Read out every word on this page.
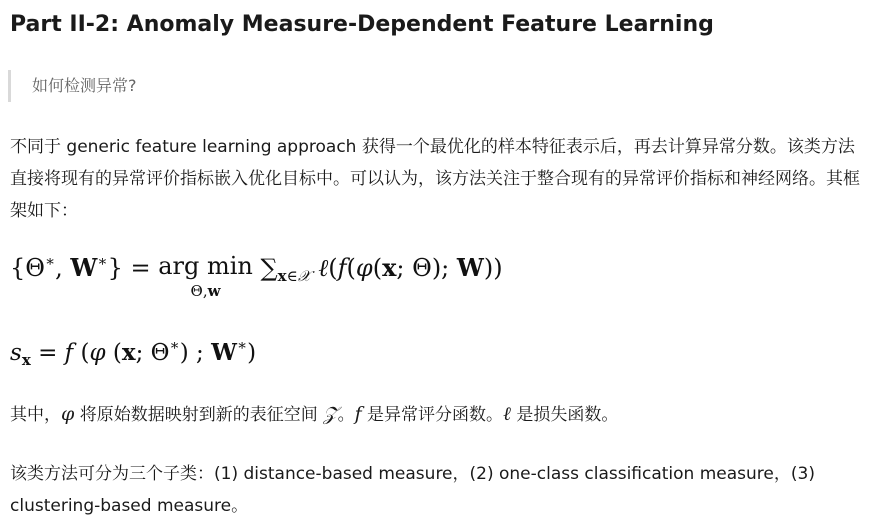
Part II-2: Anomaly Measure-Dependent Feature Learning
如何检测异常?

不同于 generic feature learning approach 获得一个最优化的样本特征表示后，再去计算异常分数。该类方法直接将现有的异常评价指标嵌入优化目标中。可以认为，该方法关注于整合现有的异常评价指标和神经网络。其框架如下：

{Θ∗, W∗} = arg min
Θ,w
$\sum_{x\in 𝒳}$ ℓ(f(φ(x; Θ); W))
$s_x = f$ (φ (x; Θ∗) ; W∗)

其中，φ 将原始数据映射到新的表征空间 𝒵。f 是异常评分函数。ℓ 是损失函数。

该类方法可分为三个子类：(1) distance-based measure，(2) one-class classification measure，(3) clustering-based measure。
